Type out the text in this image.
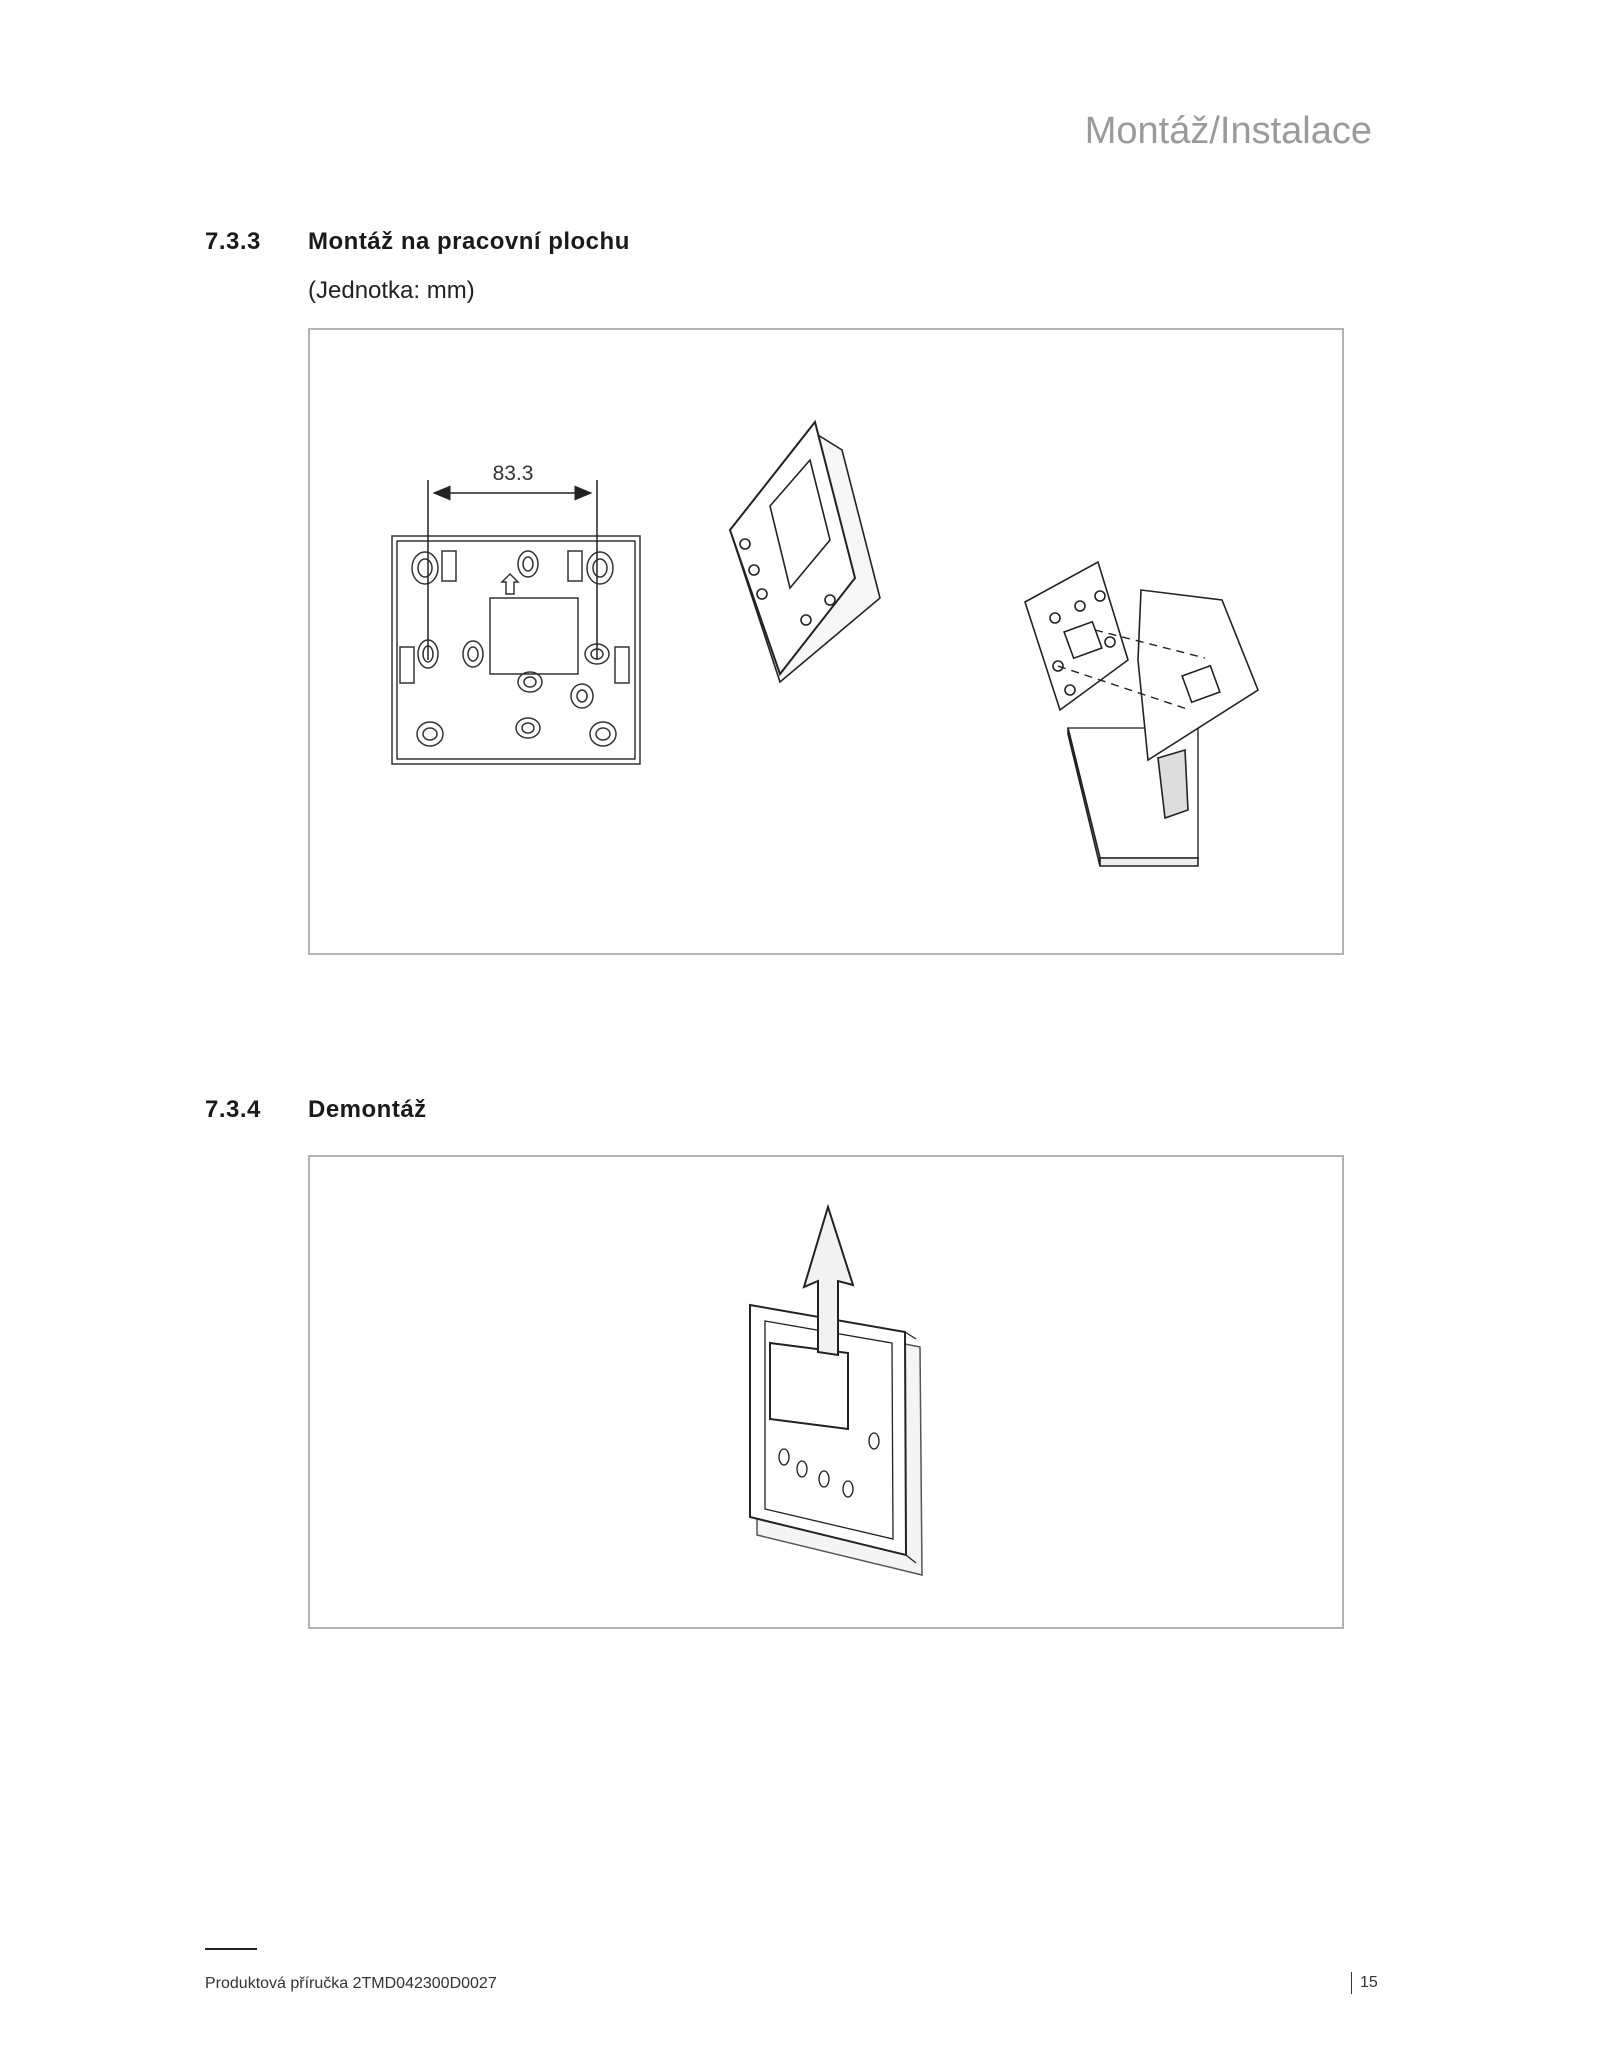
Montáž/Instalace
7.3.3 Montáž na pracovní plochu
(Jednotka: mm)
83.3
7.3.4 Demontáž
Produktová příručka 2TMD042300D0027	15
